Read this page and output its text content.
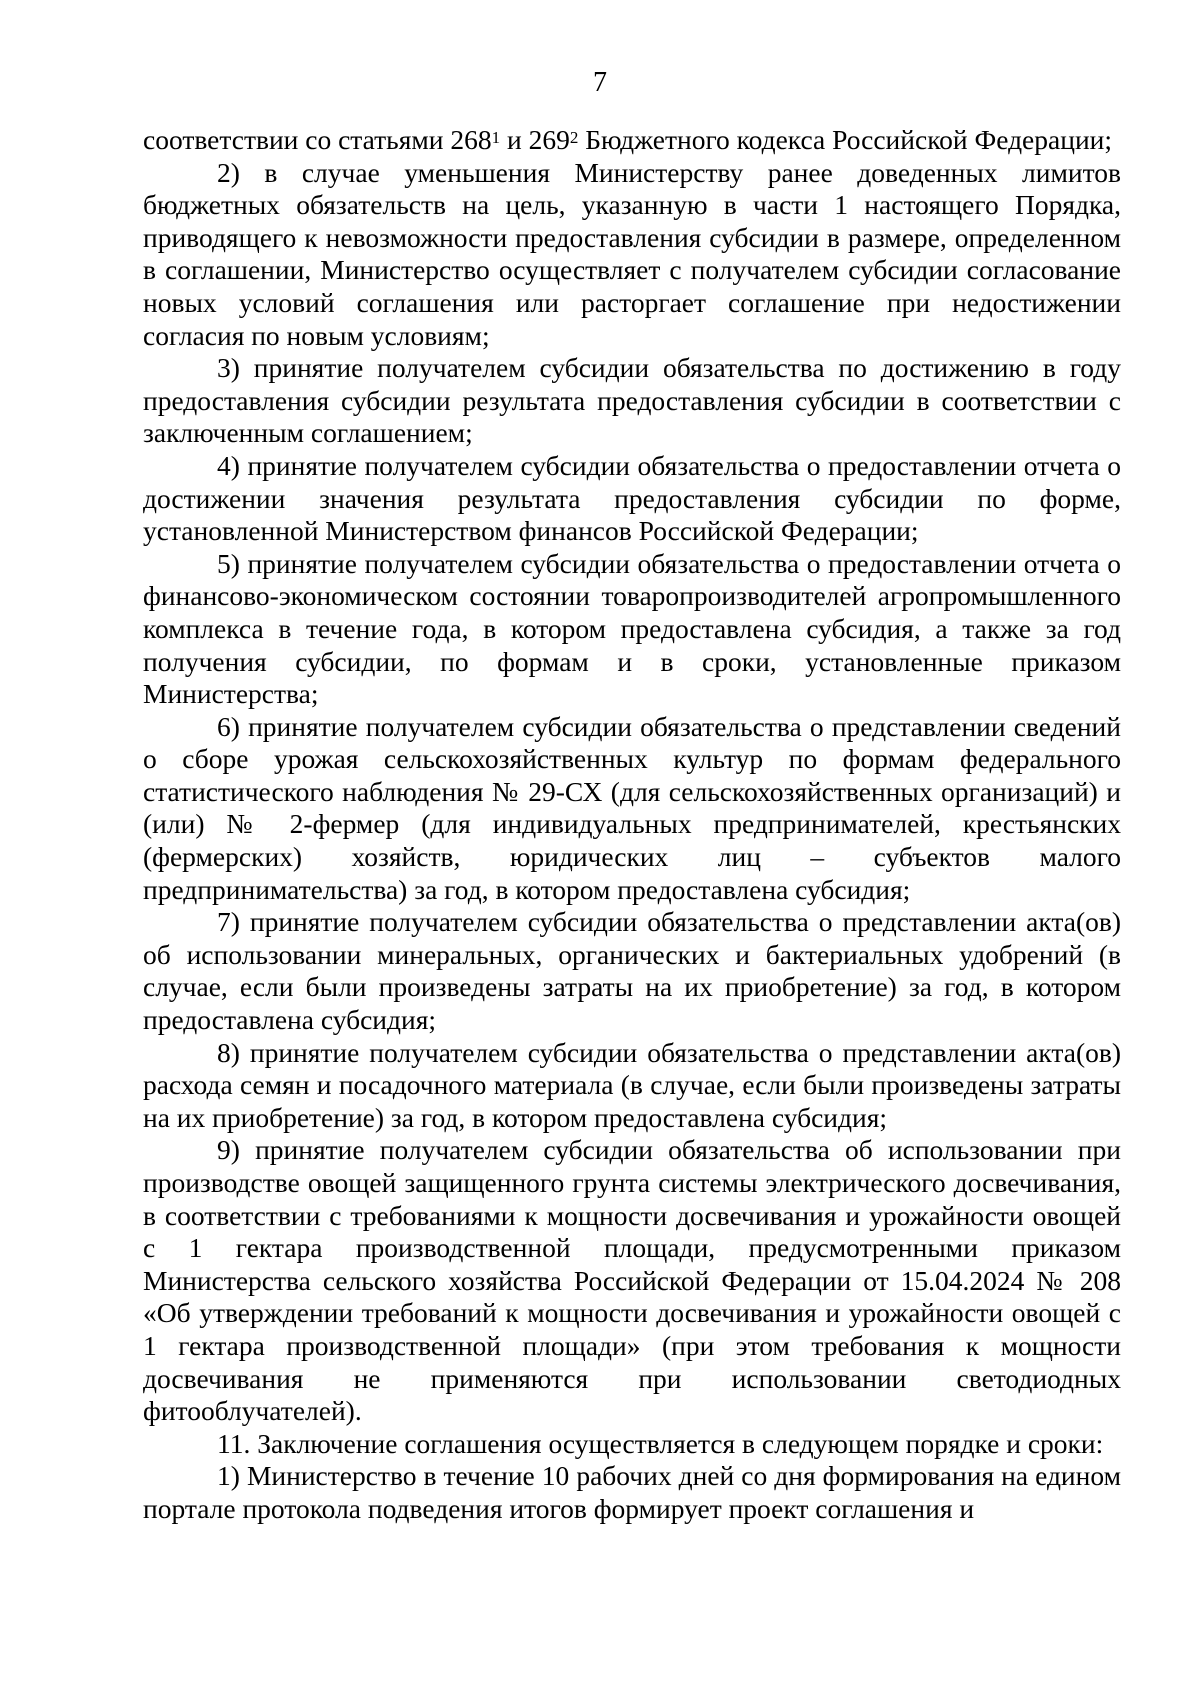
7

соответствии со статьями $268^1$ и $269^2$ Бюджетного кодекса Российской Федерации;

2) в случае уменьшения Министерству ранее доведенных лимитов бюджетных обязательств на цель, указанную в части 1 настоящего Порядка, приводящего к невозможности предоставления субсидии в размере, определенном в соглашении, Министерство осуществляет с получателем субсидии согласование новых условий соглашения или расторгает соглашение при недостижении согласия по новым условиям;

3) принятие получателем субсидии обязательства по достижению в году предоставления субсидии результата предоставления субсидии в соответствии с заключенным соглашением;

4) принятие получателем субсидии обязательства о предоставлении отчета о достижении значения результата предоставления субсидии по форме, установленной Министерством финансов Российской Федерации;

5) принятие получателем субсидии обязательства о предоставлении отчета о финансово-экономическом состоянии товаропроизводителей агропромышленного комплекса в течение года, в котором предоставлена субсидия, а также за год получения субсидии, по формам и в сроки, установленные приказом Министерства;

6) принятие получателем субсидии обязательства о представлении сведений о сборе урожая сельскохозяйственных культур по формам федерального статистического наблюдения № 29-СХ (для сельскохозяйственных организаций) и (или) № 2-фермер (для индивидуальных предпринимателей, крестьянских (фермерских) хозяйств, юридических лиц – субъектов малого предпринимательства) за год, в котором предоставлена субсидия;

7) принятие получателем субсидии обязательства о представлении акта(ов) об использовании минеральных, органических и бактериальных удобрений (в случае, если были произведены затраты на их приобретение) за год, в котором предоставлена субсидия;

8) принятие получателем субсидии обязательства о представлении акта(ов) расхода семян и посадочного материала (в случае, если были произведены затраты на их приобретение) за год, в котором предоставлена субсидия;

9) принятие получателем субсидии обязательства об использовании при производстве овощей защищенного грунта системы электрического досвечивания, в соответствии с требованиями к мощности досвечивания и урожайности овощей с 1 гектара производственной площади, предусмотренными приказом Министерства сельского хозяйства Российской Федерации от 15.04.2024 № 208 «Об утверждении требований к мощности досвечивания и урожайности овощей с 1 гектара производственной площади» (при этом требования к мощности досвечивания не применяются при использовании светодиодных фитооблучателей).

11. Заключение соглашения осуществляется в следующем порядке и сроки:

1) Министерство в течение 10 рабочих дней со дня формирования на едином портале протокола подведения итогов формирует проект соглашения и
